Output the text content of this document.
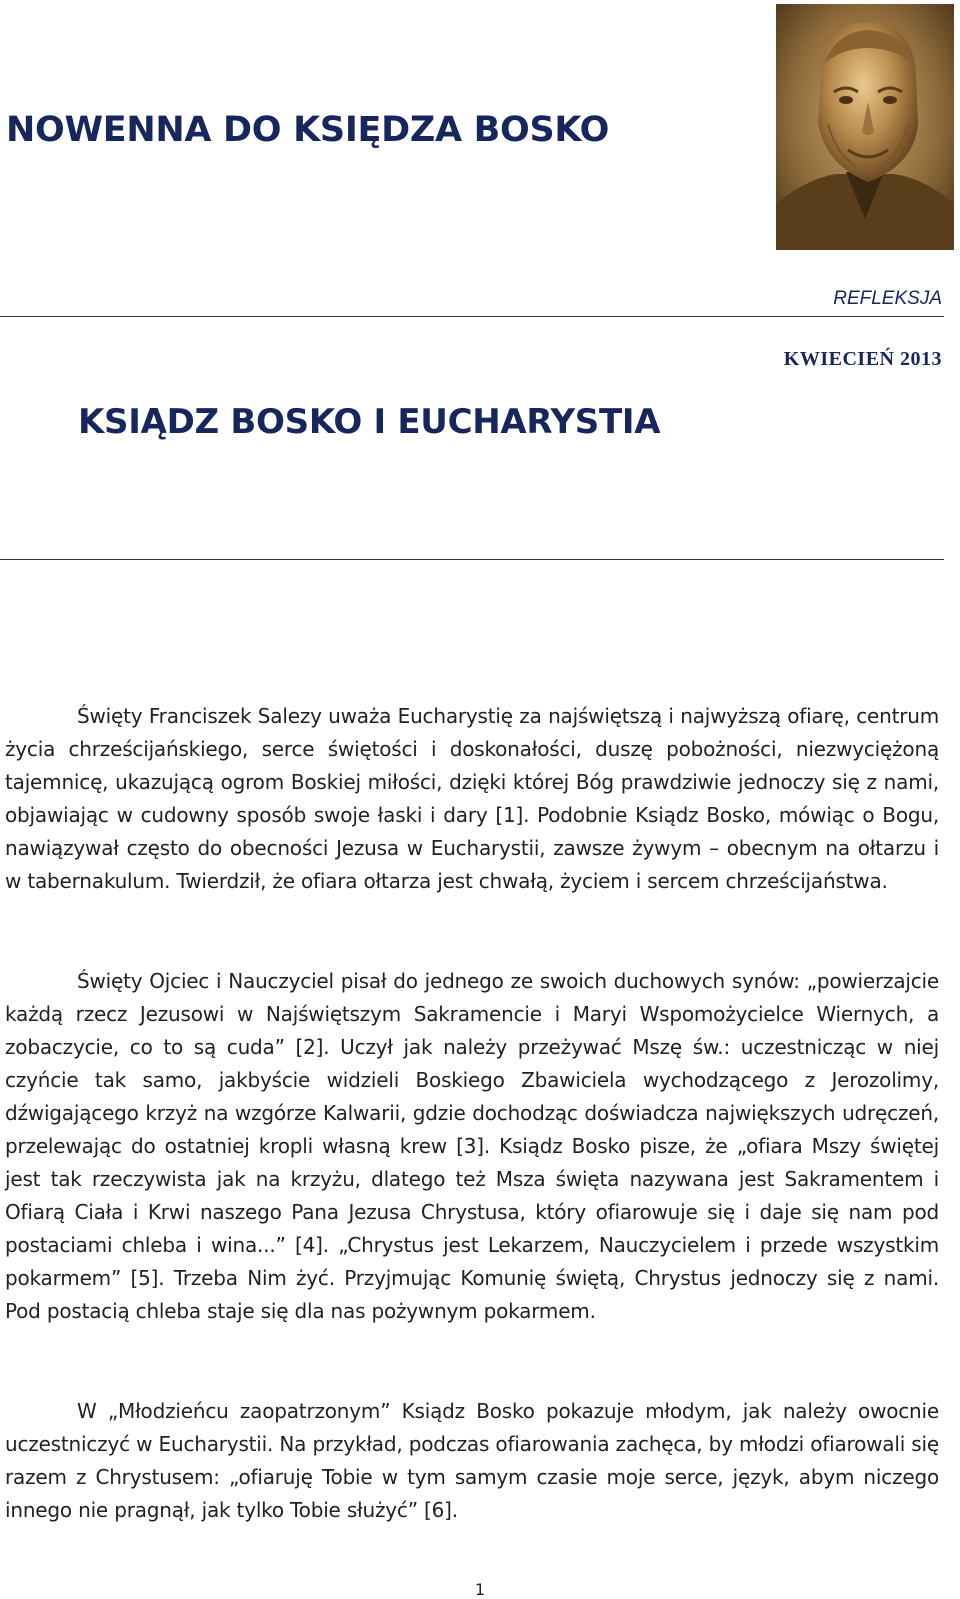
NOWENNA DO KSIĘDZA BOSKO
REFLEKSJA
KWIECIEŃ 2013
KSIĄDZ BOSKO I EUCHARYSTIA

Święty Franciszek Salezy uważa Eucharystię za najświętszą i najwyższą ofiarę, centrum życia chrześcijańskiego, serce świętości i doskonałości, duszę pobożności, niezwyciężoną tajemnicę, ukazującą ogrom Boskiej miłości, dzięki której Bóg prawdziwie jednoczy się z nami, objawiając w cudowny sposób swoje łaski i dary [1]. Podobnie Ksiądz Bosko, mówiąc o Bogu, nawiązywał często do obecności Jezusa w Eucharystii, zawsze żywym – obecnym na ołtarzu i w tabernakulum. Twierdził, że ofiara ołtarza jest chwałą, życiem i sercem chrześcijaństwa.

Święty Ojciec i Nauczyciel pisał do jednego ze swoich duchowych synów: „powierzajcie każdą rzecz Jezusowi w Najświętszym Sakramencie i Maryi Wspomożycielce Wiernych, a zobaczycie, co to są cuda” [2]. Uczył jak należy przeżywać Mszę św.: uczestnicząc w niej czyńcie tak samo, jakbyście widzieli Boskiego Zbawiciela wychodzącego z Jerozolimy, dźwigającego krzyż na wzgórze Kalwarii, gdzie dochodząc doświadcza największych udręczeń, przelewając do ostatniej kropli własną krew [3]. Ksiądz Bosko pisze, że „ofiara Mszy świętej jest tak rzeczywista jak na krzyżu, dlatego też Msza święta nazywana jest Sakramentem i Ofiarą Ciała i Krwi naszego Pana Jezusa Chrystusa, który ofiarowuje się i daje się nam pod postaciami chleba i wina...” [4]. „Chrystus jest Lekarzem, Nauczycielem i przede wszystkim pokarmem” [5]. Trzeba Nim żyć. Przyjmując Komunię świętą, Chrystus jednoczy się z nami. Pod postacią chleba staje się dla nas pożywnym pokarmem.

W „Młodzieńcu zaopatrzonym” Ksiądz Bosko pokazuje młodym, jak należy owocnie uczestniczyć w Eucharystii. Na przykład, podczas ofiarowania zachęca, by młodzi ofiarowali się razem z Chrystusem: „ofiaruję Tobie w tym samym czasie moje serce, język, abym niczego innego nie pragnął, jak tylko Tobie służyć” [6].

1
